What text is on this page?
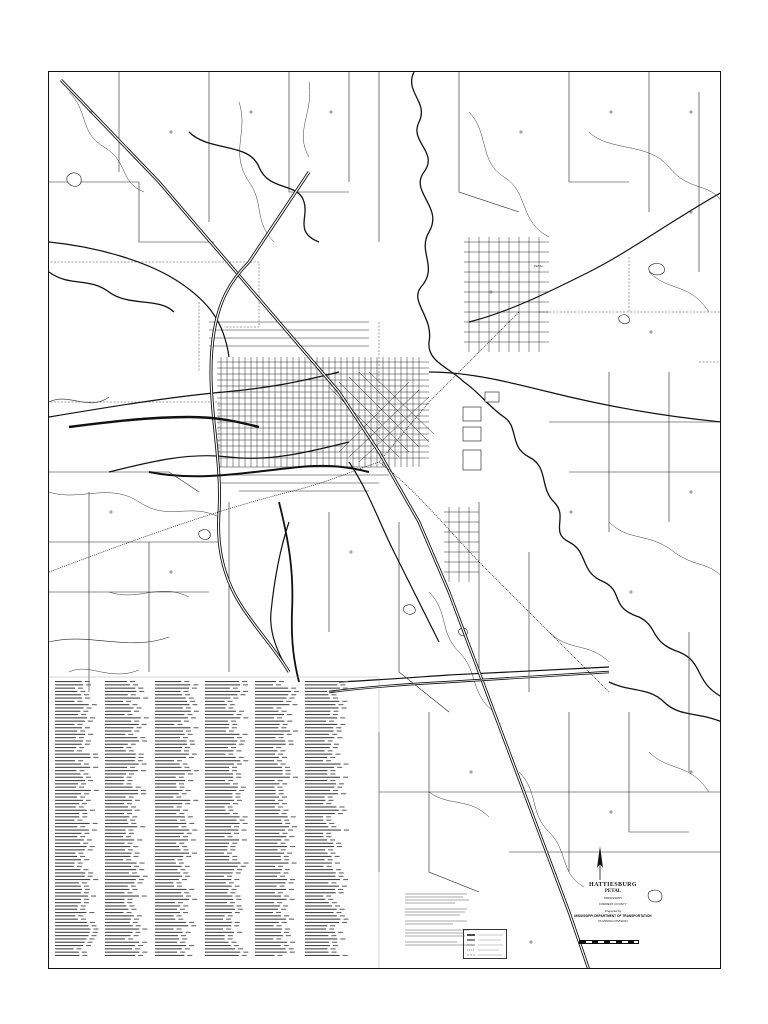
PETAL
HATTIESBURG
PETAL
MISSISSIPPI
FORREST COUNTY
Prepared by
MISSISSIPPI DEPARTMENT OF TRANSPORTATION
PLANNING DIVISION
